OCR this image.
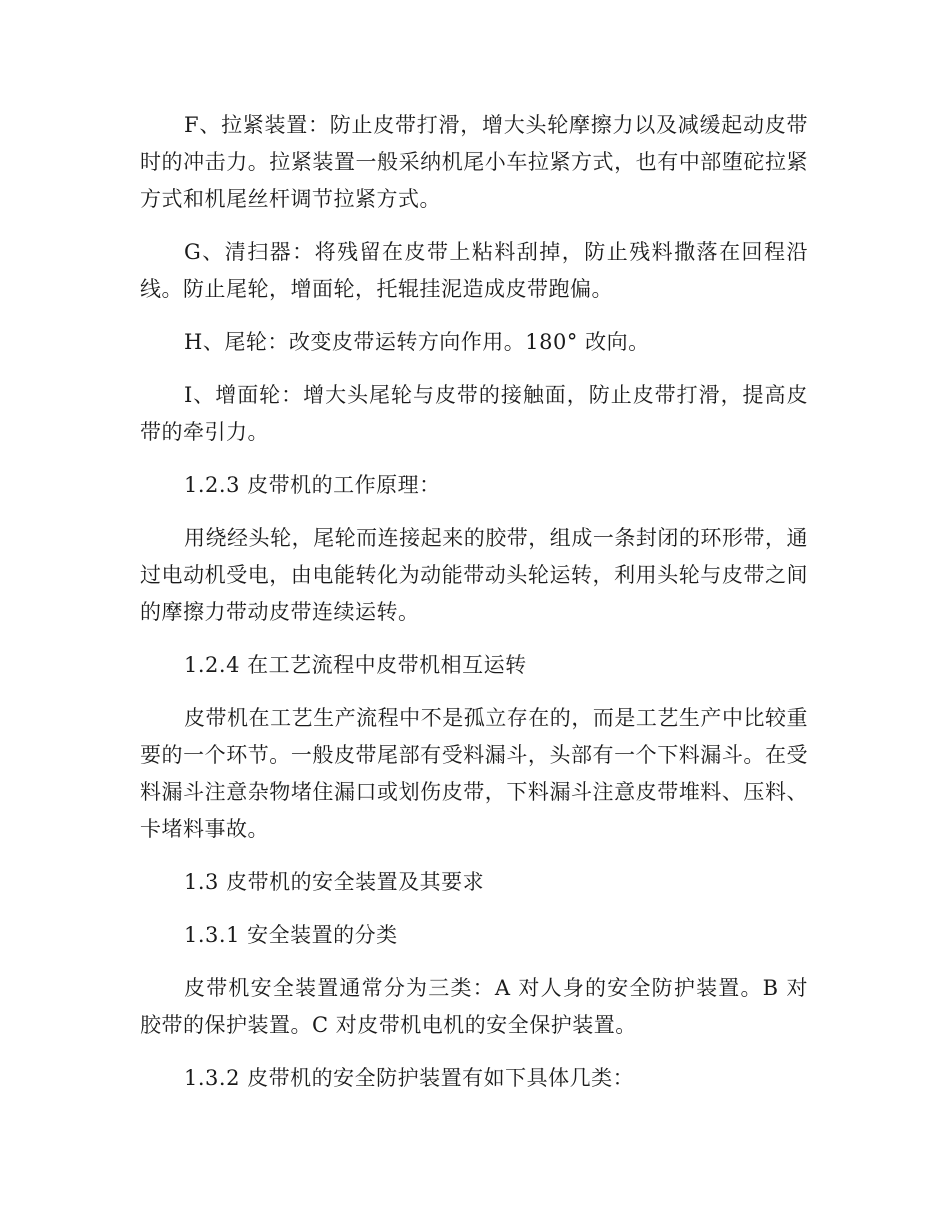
F、拉紧装置：防止皮带打滑，增大头轮摩擦力以及减缓起动皮带时的冲击力。拉紧装置一般采纳机尾小车拉紧方式，也有中部堕砣拉紧方式和机尾丝杆调节拉紧方式。

G、清扫器：将残留在皮带上粘料刮掉，防止残料撒落在回程沿线。防止尾轮，增面轮，托辊挂泥造成皮带跑偏。

H、尾轮：改变皮带运转方向作用。180° 改向。

I、增面轮：增大头尾轮与皮带的接触面，防止皮带打滑，提高皮带的牵引力。

1.2.3 皮带机的工作原理：

用绕经头轮，尾轮而连接起来的胶带，组成一条封闭的环形带，通过电动机受电，由电能转化为动能带动头轮运转，利用头轮与皮带之间的摩擦力带动皮带连续运转。

1.2.4 在工艺流程中皮带机相互运转

皮带机在工艺生产流程中不是孤立存在的，而是工艺生产中比较重要的一个环节。一般皮带尾部有受料漏斗，头部有一个下料漏斗。在受料漏斗注意杂物堵住漏口或划伤皮带，下料漏斗注意皮带堆料、压料、卡堵料事故。

1.3 皮带机的安全装置及其要求

1.3.1 安全装置的分类

皮带机安全装置通常分为三类：A 对人身的安全防护装置。B 对胶带的保护装置。C 对皮带机电机的安全保护装置。

1.3.2 皮带机的安全防护装置有如下具体几类：
